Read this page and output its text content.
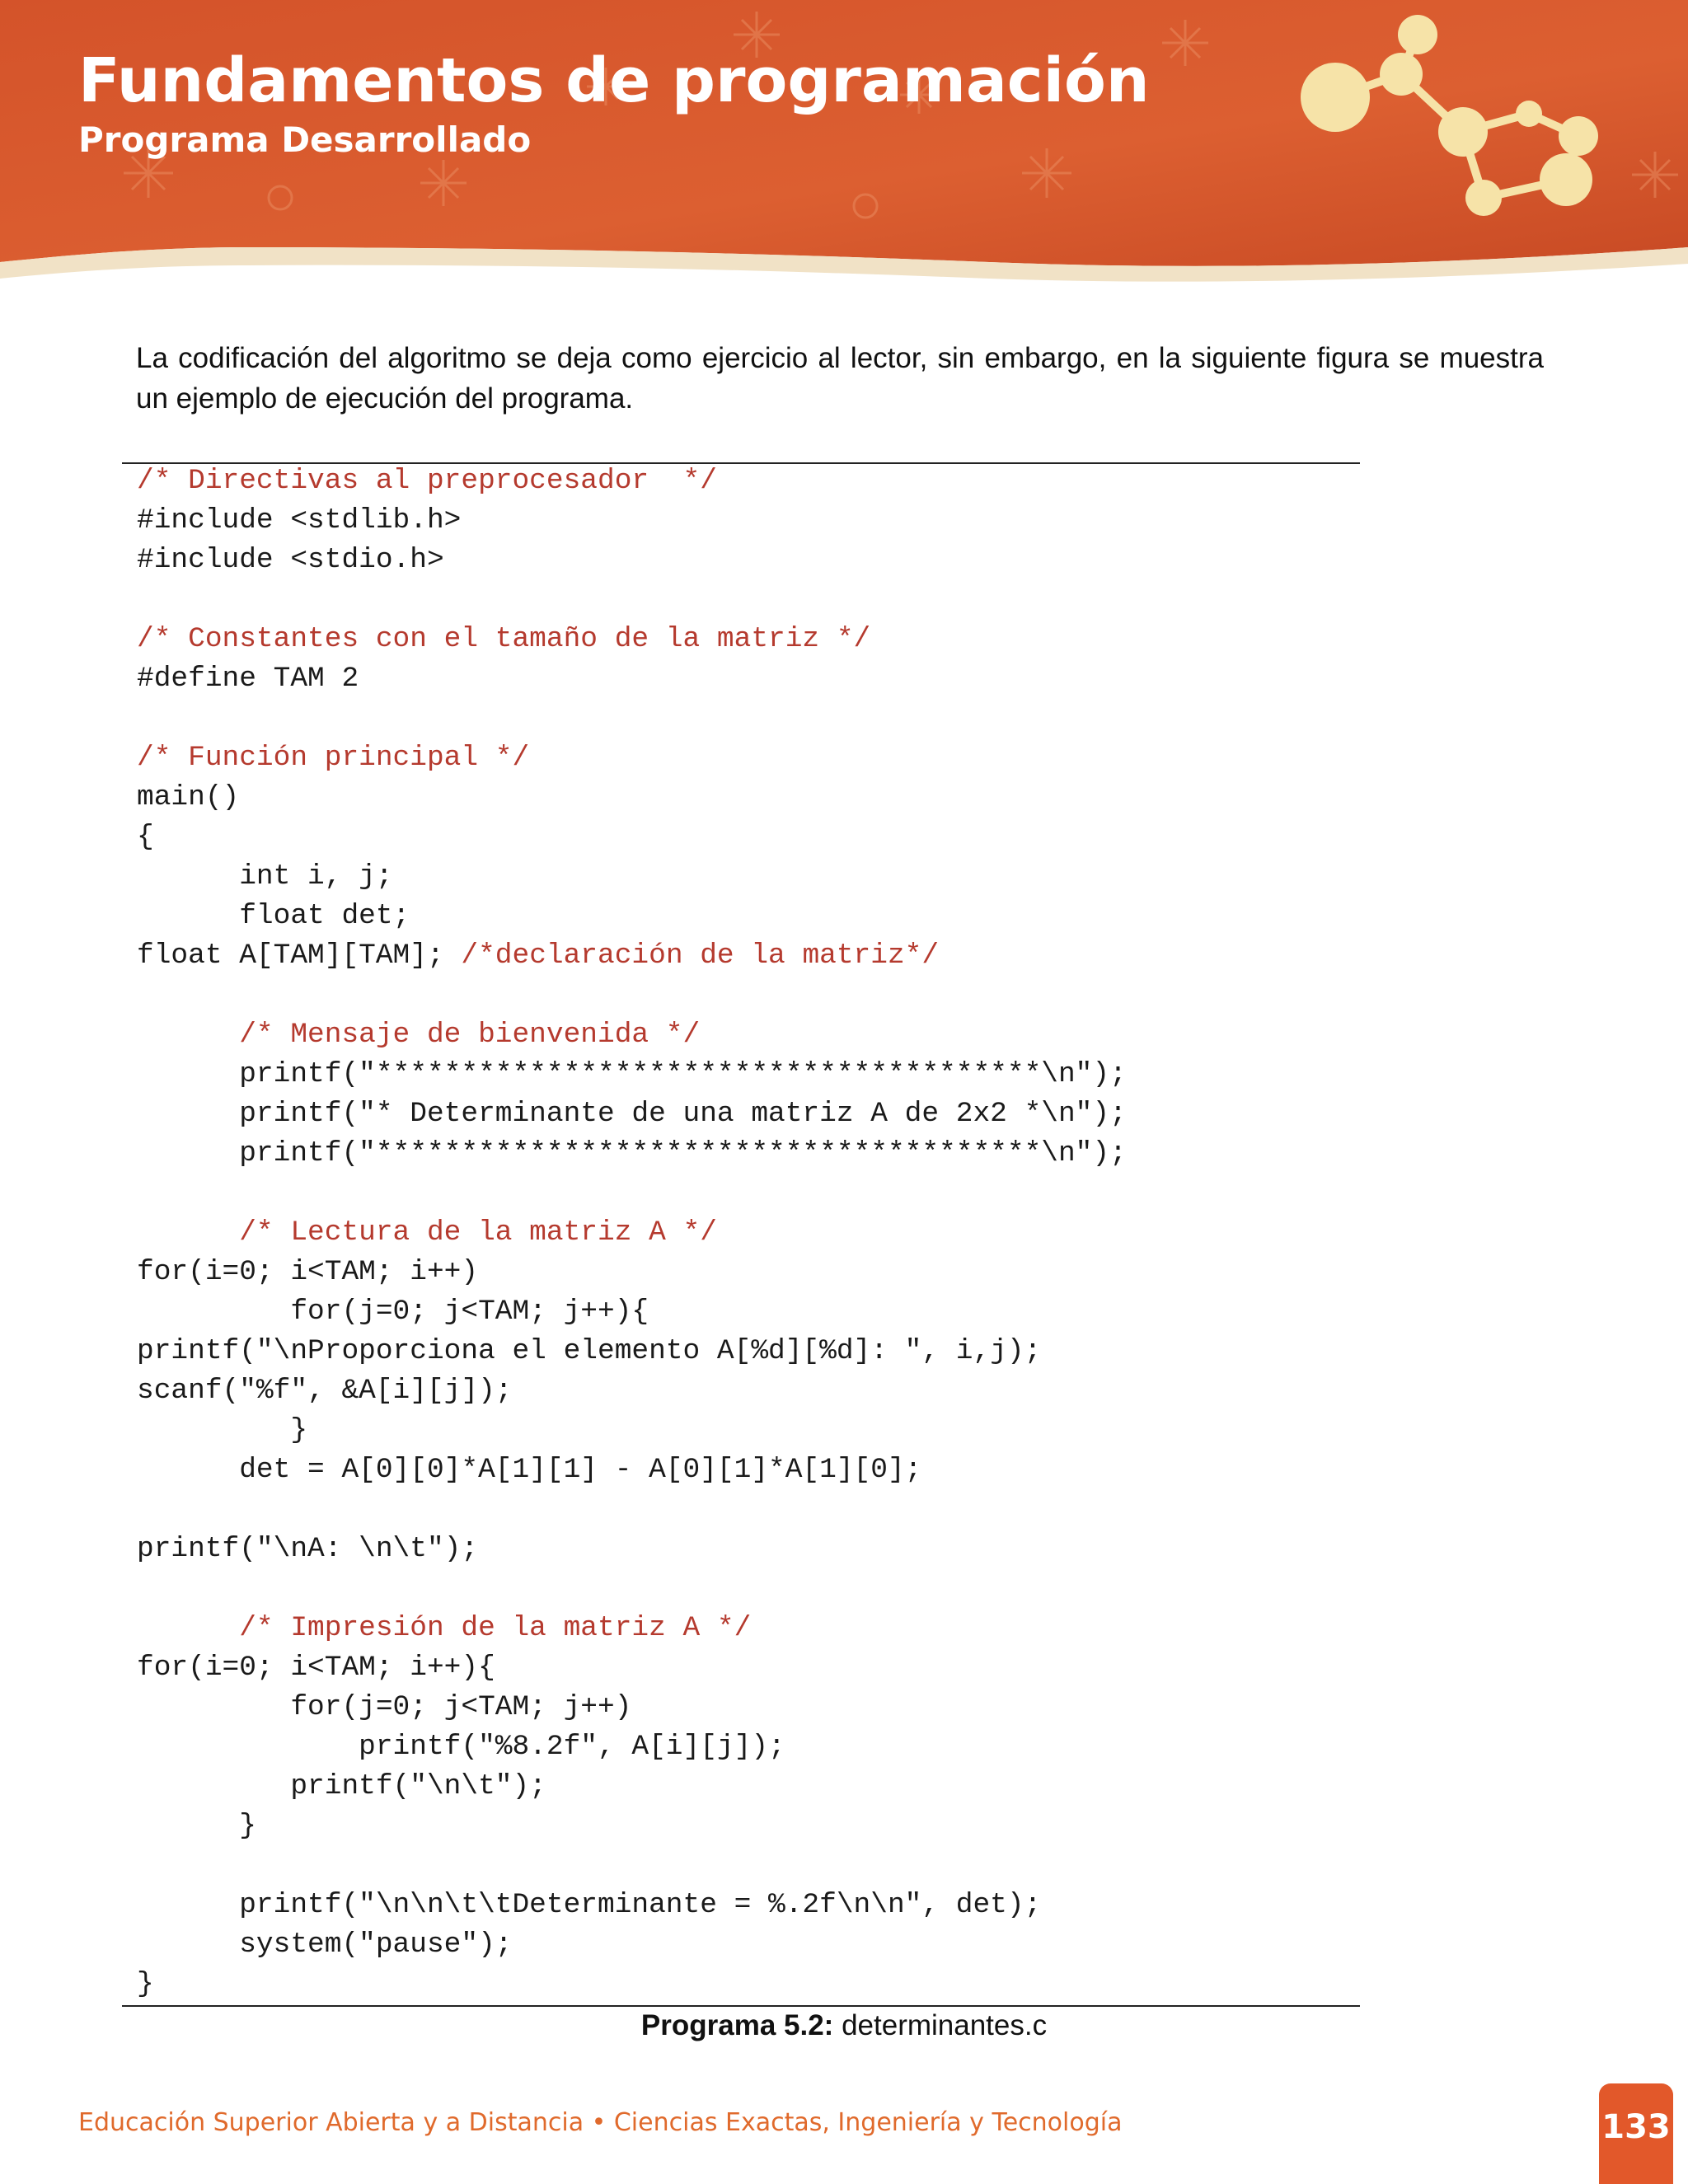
Fundamentos de programación
Programa Desarrollado

La codificación del algoritmo se deja como ejercicio al lector, sin embargo, en la siguiente figura se muestra un ejemplo de ejecución del programa.

/* Directivas al preprocesador  */
#include <stdlib.h>
#include <stdio.h>
/* Constantes con el tamaño de la matriz */
#define TAM 2
/* Función principal */
main()
{
int i, j;
float det;
float A[TAM][TAM]; /*declaración de la matriz*/
/* Mensaje de bienvenida */
printf("***************************************\n");
printf("* Determinante de una matriz A de 2x2 *\n");
printf("***************************************\n");
/* Lectura de la matriz A */
for(i=0; i<TAM; i++)
for(j=0; j<TAM; j++){
printf("\nProporciona el elemento A[%d][%d]: ", i,j);
scanf("%f", &A[i][j]);
}
det = A[0][0]*A[1][1] - A[0][1]*A[1][0];
printf("\nA: \n\t");
/* Impresión de la matriz A */
for(i=0; i<TAM; i++){
for(j=0; j<TAM; j++)
printf("%8.2f", A[i][j]);
printf("\n\t");
}
printf("\n\n\t\tDeterminante = %.2f\n\n", det);
system("pause");
}
Programa 5.2: determinantes.c
Educación Superior Abierta y a Distancia • Ciencias Exactas, Ingeniería y Tecnología	133
